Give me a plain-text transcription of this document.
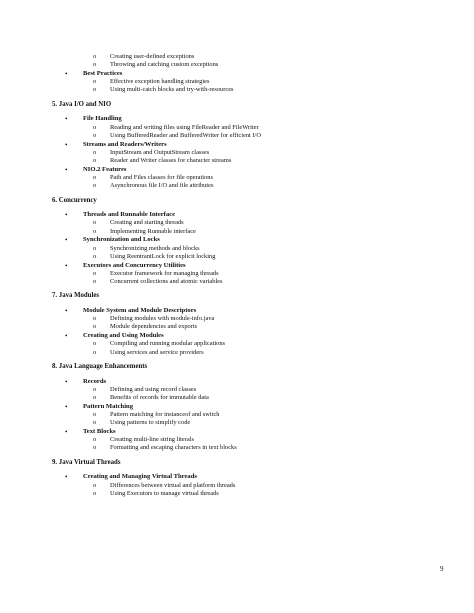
o Creating user-defined exceptions
o Throwing and catching custom exceptions
• Best Practices
o Effective exception handling strategies
o Using multi-catch blocks and try-with-resources
5. Java I/O and NIO
• File Handling
o Reading and writing files using FileReader and FileWriter
o Using BufferedReader and BufferedWriter for efficient I/O
• Streams and Readers/Writers
o InputStream and OutputStream classes
o Reader and Writer classes for character streams
• NIO.2 Features
o Path and Files classes for file operations
o Asynchronous file I/O and file attributes
6. Concurrency
• Threads and Runnable Interface
o Creating and starting threads
o Implementing Runnable interface
• Synchronization and Locks
o Synchronizing methods and blocks
o Using ReentrantLock for explicit locking
• Executors and Concurrency Utilities
o Executor framework for managing threads
o Concurrent collections and atomic variables
7. Java Modules
• Module System and Module Descriptors
o Defining modules with module-info.java
o Module dependencies and exports
• Creating and Using Modules
o Compiling and running modular applications
o Using services and service providers
8. Java Language Enhancements
• Records
o Defining and using record classes
o Benefits of records for immutable data
• Pattern Matching
o Pattern matching for instanceof and switch
o Using patterns to simplify code
• Text Blocks
o Creating multi-line string literals
o Formatting and escaping characters in text blocks
9. Java Virtual Threads
• Creating and Managing Virtual Threads
o Differences between virtual and platform threads
o Using Executors to manage virtual threads
9
